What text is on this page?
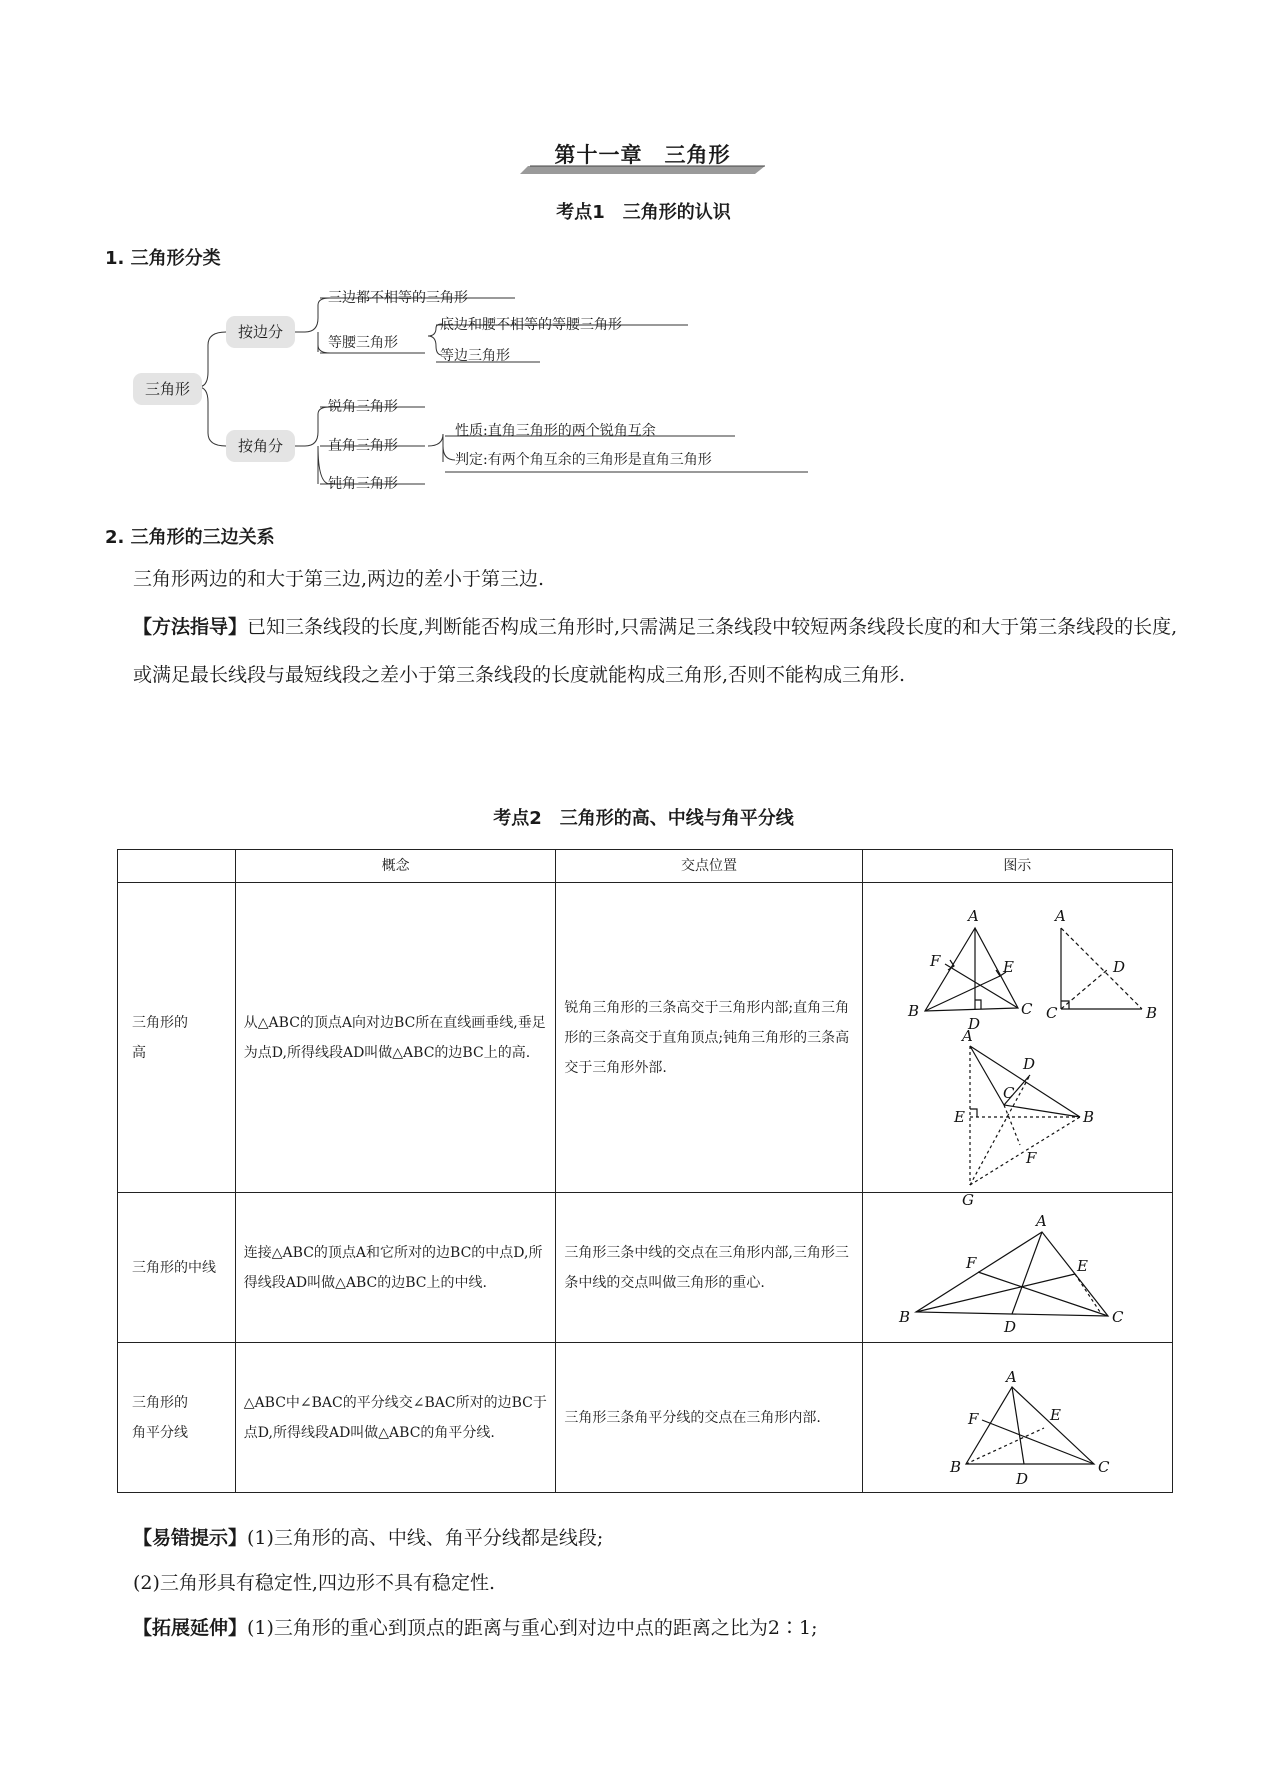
第十一章　三角形
考点1　三角形的认识
1. 三角形分类
三角形
按边分
按角分
三边都不相等的三角形
等腰三角形
底边和腰不相等的等腰三角形
等边三角形
锐角三角形
直角三角形
钝角三角形
性质:直角三角形的两个锐角互余
判定:有两个角互余的三角形是直角三角形
2. 三角形的三边关系
三角形两边的和大于第三边,两边的差小于第三边.
【方法指导】已知三条线段的长度,判断能否构成三角形时,只需满足三条线段中较短两条线段长度的和大于第三条线段的长度,或满足最长线段与最短线段之差小于第三条线段的长度就能构成三角形,否则不能构成三角形.
考点2　三角形的高、中线与角平分线
	概念	交点位置	图示

三角形的高	从△ABC的顶点A向对边BC所在直线画垂线,垂足为点D,所得线段AD叫做△ABC的边BC上的高.	锐角三角形的三条高交于三角形内部;直角三角形的三条高交于直角顶点;钝角三角形的三条高交于三角形外部.	

三角形的中线	连接△ABC的顶点A和它所对的边BC的中点D,所得线段AD叫做△ABC的边BC上的中线.	三角形三条中线的交点在三角形内部,三角形三条中线的交点叫做三角形的重心.	

三角形的角平分线	△ABC中∠BAC的平分线交∠BAC所对的边BC于点D,所得线段AD叫做△ABC的角平分线.	三角形三条角平分线的交点在三角形内部.	
A
B	C
D
E
F
A
C	B
D
A
D
C
B
E
F
G
A
B	C
D
E
F
A
B	C
D
E
F
【易错提示】(1)三角形的高、中线、角平分线都是线段;
(2)三角形具有稳定性,四边形不具有稳定性.
【拓展延伸】(1)三角形的重心到顶点的距离与重心到对边中点的距离之比为2∶1;
